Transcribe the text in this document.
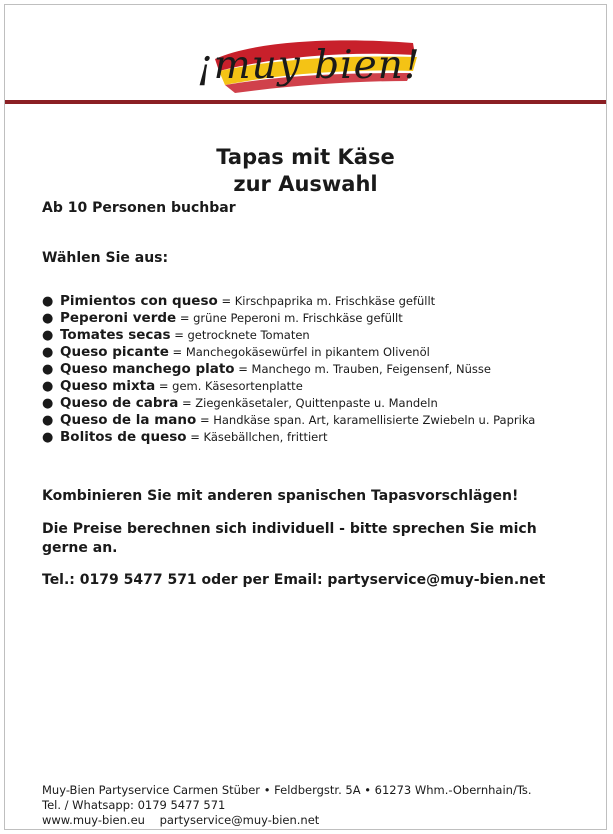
¡muy bien!
Tapas mit Käse
zur Auswahl
Ab 10 Personen buchbar
Wählen Sie aus:
● Pimientos con queso = Kirschpaprika m. Frischkäse gefüllt
● Peperoni verde = grüne Peperoni m. Frischkäse gefüllt
● Tomates secas = getrocknete Tomaten
● Queso picante = Manchegokäsewürfel in pikantem Olivenöl
● Queso manchego plato = Manchego m. Trauben, Feigensenf, Nüsse
● Queso mixta = gem. Käsesortenplatte
● Queso de cabra = Ziegenkäsetaler, Quittenpaste u. Mandeln
● Queso de la mano = Handkäse span. Art, karamellisierte Zwiebeln u. Paprika
● Bolitos de queso = Käsebällchen, frittiert
Kombinieren Sie mit anderen spanischen Tapasvorschlägen!
Die Preise berechnen sich individuell - bitte sprechen Sie mich
gerne an.
Tel.: 0179 5477 571 oder per Email: partyservice@muy-bien.net
Muy-Bien Partyservice Carmen Stüber • Feldbergstr. 5A • 61273 Whm.-Obernhain/Ts.
Tel. / Whatsapp: 0179 5477 571
www.muy-bien.eu partyservice@muy-bien.net
